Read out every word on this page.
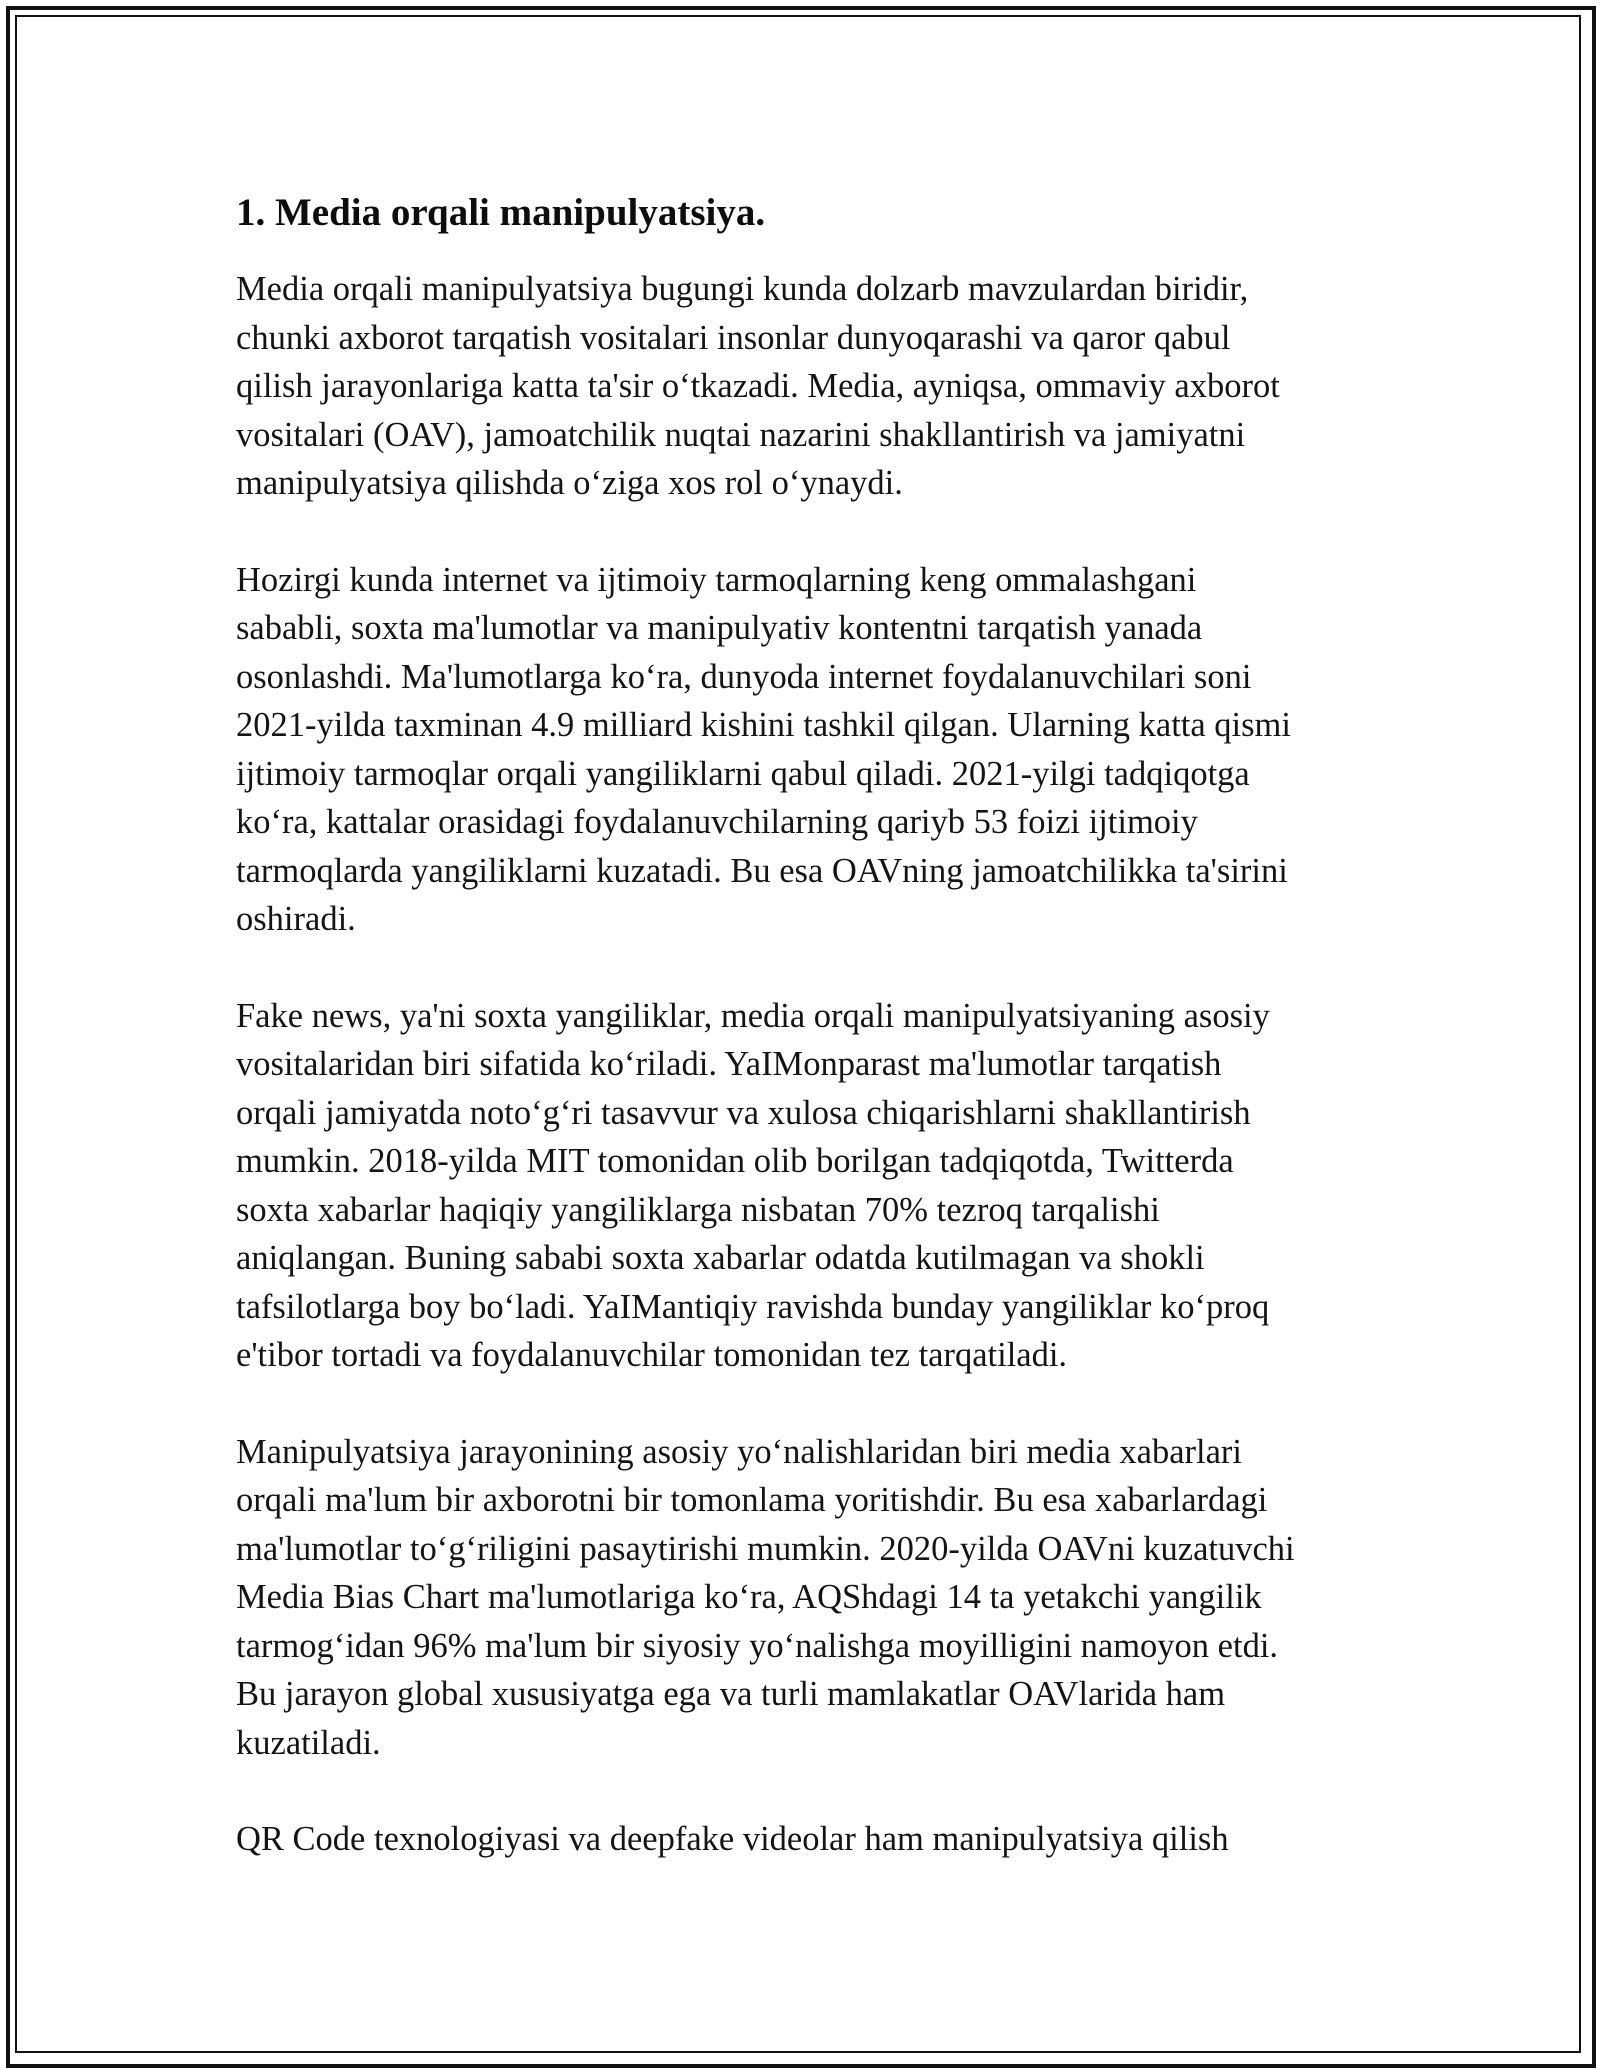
1. Media orqali manipulyatsiya.
Media orqali manipulyatsiya bugungi kunda dolzarb mavzulardan biridir,
chunki axborot tarqatish vositalari insonlar dunyoqarashi va qaror qabul
qilish jarayonlariga katta ta'sir o‘tkazadi. Media, ayniqsa, ommaviy axborot
vositalari (OAV), jamoatchilik nuqtai nazarini shakllantirish va jamiyatni
manipulyatsiya qilishda o‘ziga xos rol o‘ynaydi.
Hozirgi kunda internet va ijtimoiy tarmoqlarning keng ommalashgani
sababli, soxta ma'lumotlar va manipulyativ kontentni tarqatish yanada
osonlashdi. Ma'lumotlarga ko‘ra, dunyoda internet foydalanuvchilari soni
2021-yilda taxminan 4.9 milliard kishini tashkil qilgan. Ularning katta qismi
ijtimoiy tarmoqlar orqali yangiliklarni qabul qiladi. 2021-yilgi tadqiqotga
ko‘ra, kattalar orasidagi foydalanuvchilarning qariyb 53 foizi ijtimoiy
tarmoqlarda yangiliklarni kuzatadi. Bu esa OAVning jamoatchilikka ta'sirini
oshiradi.
Fake news, ya'ni soxta yangiliklar, media orqali manipulyatsiyaning asosiy
vositalaridan biri sifatida ko‘riladi. YaIMonparast ma'lumotlar tarqatish
orqali jamiyatda noto‘g‘ri tasavvur va xulosa chiqarishlarni shakllantirish
mumkin. 2018-yilda MIT tomonidan olib borilgan tadqiqotda, Twitterda
soxta xabarlar haqiqiy yangiliklarga nisbatan 70% tezroq tarqalishi
aniqlangan. Buning sababi soxta xabarlar odatda kutilmagan va shokli
tafsilotlarga boy bo‘ladi. YaIMantiqiy ravishda bunday yangiliklar ko‘proq
e'tibor tortadi va foydalanuvchilar tomonidan tez tarqatiladi.
Manipulyatsiya jarayonining asosiy yo‘nalishlaridan biri media xabarlari
orqali ma'lum bir axborotni bir tomonlama yoritishdir. Bu esa xabarlardagi
ma'lumotlar to‘g‘riligini pasaytirishi mumkin. 2020-yilda OAVni kuzatuvchi
Media Bias Chart ma'lumotlariga ko‘ra, AQShdagi 14 ta yetakchi yangilik
tarmog‘idan 96% ma'lum bir siyosiy yo‘nalishga moyilligini namoyon etdi.
Bu jarayon global xususiyatga ega va turli mamlakatlar OAVlarida ham
kuzatiladi.
QR Code texnologiyasi va deepfake videolar ham manipulyatsiya qilish
